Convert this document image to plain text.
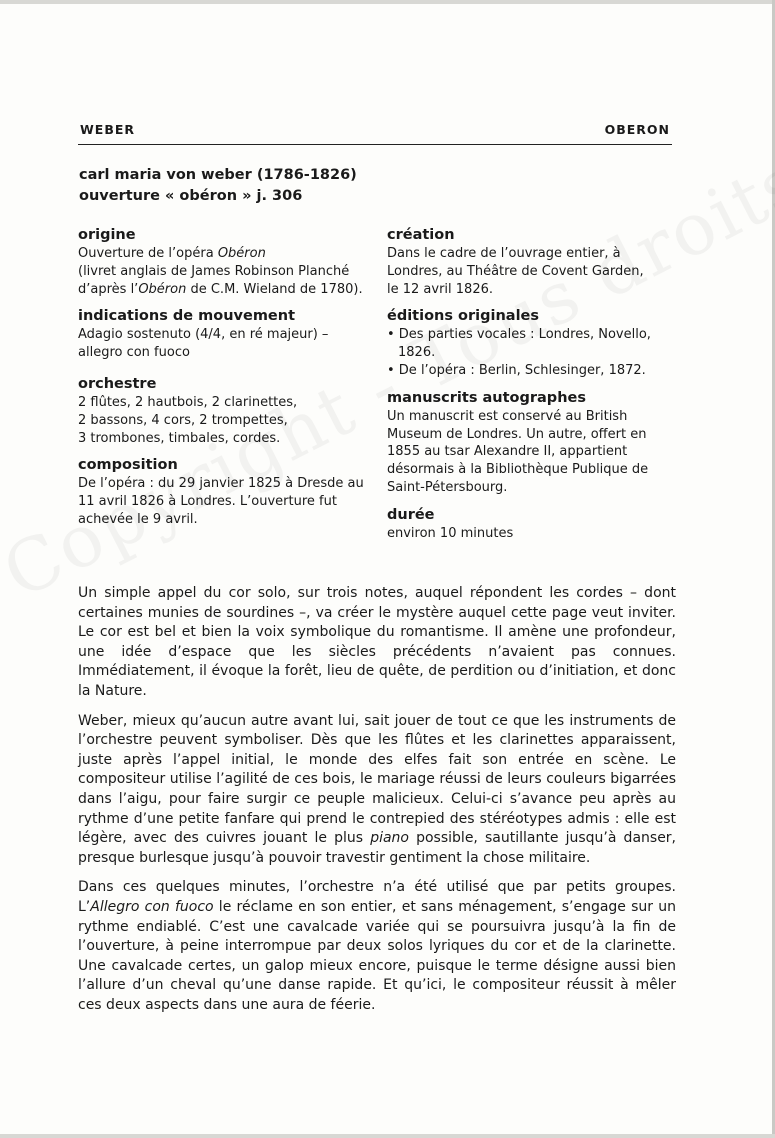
WEBER	OBERON
carl maria von weber (1786-1826)
ouverture « obéron » j. 306

origine

Ouverture de l’opéra Obéron
(livret anglais de James Robinson Planché
d’après l’Obéron de C.M. Wieland de 1780).

indications de mouvement

Adagio sostenuto (4/4, en ré majeur) –
allegro con fuoco

orchestre

2 flûtes, 2 hautbois, 2 clarinettes,
2 bassons, 4 cors, 2 trompettes,
3 trombones, timbales, cordes.

composition

De l’opéra : du 29 janvier 1825 à Dresde au
11 avril 1826 à Londres. L’ouverture fut
achevée le 9 avril.

création

Dans le cadre de l’ouvrage entier, à
Londres, au Théâtre de Covent Garden,
le 12 avril 1826.

éditions originales

• Des parties vocales : Londres, Novello, 1826.

• De l’opéra : Berlin, Schlesinger, 1872.

manuscrits autographes

Un manuscrit est conservé au British
Museum de Londres. Un autre, offert en
1855 au tsar Alexandre II, appartient
désormais à la Bibliothèque Publique de
Saint-Pétersbourg.

durée

environ 10 minutes

Un simple appel du cor solo, sur trois notes, auquel répondent les cordes – dont certaines munies de sourdines –, va créer le mystère auquel cette page veut inviter. Le cor est bel et bien la voix symbolique du romantisme. Il amène une profondeur, une idée d’espace que les siècles précédents n’avaient pas connues. Immédiatement, il évoque la forêt, lieu de quête, de perdition ou d’initiation, et donc la Nature.

Weber, mieux qu’aucun autre avant lui, sait jouer de tout ce que les instruments de l’orchestre peuvent symboliser. Dès que les flûtes et les clarinettes apparaissent, juste après l’appel initial, le monde des elfes fait son entrée en scène. Le compositeur utilise l’agilité de ces bois, le mariage réussi de leurs couleurs bigarrées dans l’aigu, pour faire surgir ce peuple malicieux. Celui-ci s’avance peu après au rythme d’une petite fanfare qui prend le contrepied des stéréotypes admis : elle est légère, avec des cuivres jouant le plus piano possible, sautillante jusqu’à danser, presque burlesque jusqu’à pouvoir travestir gentiment la chose militaire.

Dans ces quelques minutes, l’orchestre n’a été utilisé que par petits groupes. L’Allegro con fuoco le réclame en son entier, et sans ménagement, s’engage sur un rythme endiablé. C’est une cavalcade variée qui se poursuivra jusqu’à la fin de l’ouverture, à peine interrompue par deux solos lyriques du cor et de la clarinette. Une cavalcade certes, un galop mieux encore, puisque le terme désigne aussi bien l’allure d’un cheval qu’une danse rapide. Et qu’ici, le compositeur réussit à mêler ces deux aspects dans une aura de féerie.
